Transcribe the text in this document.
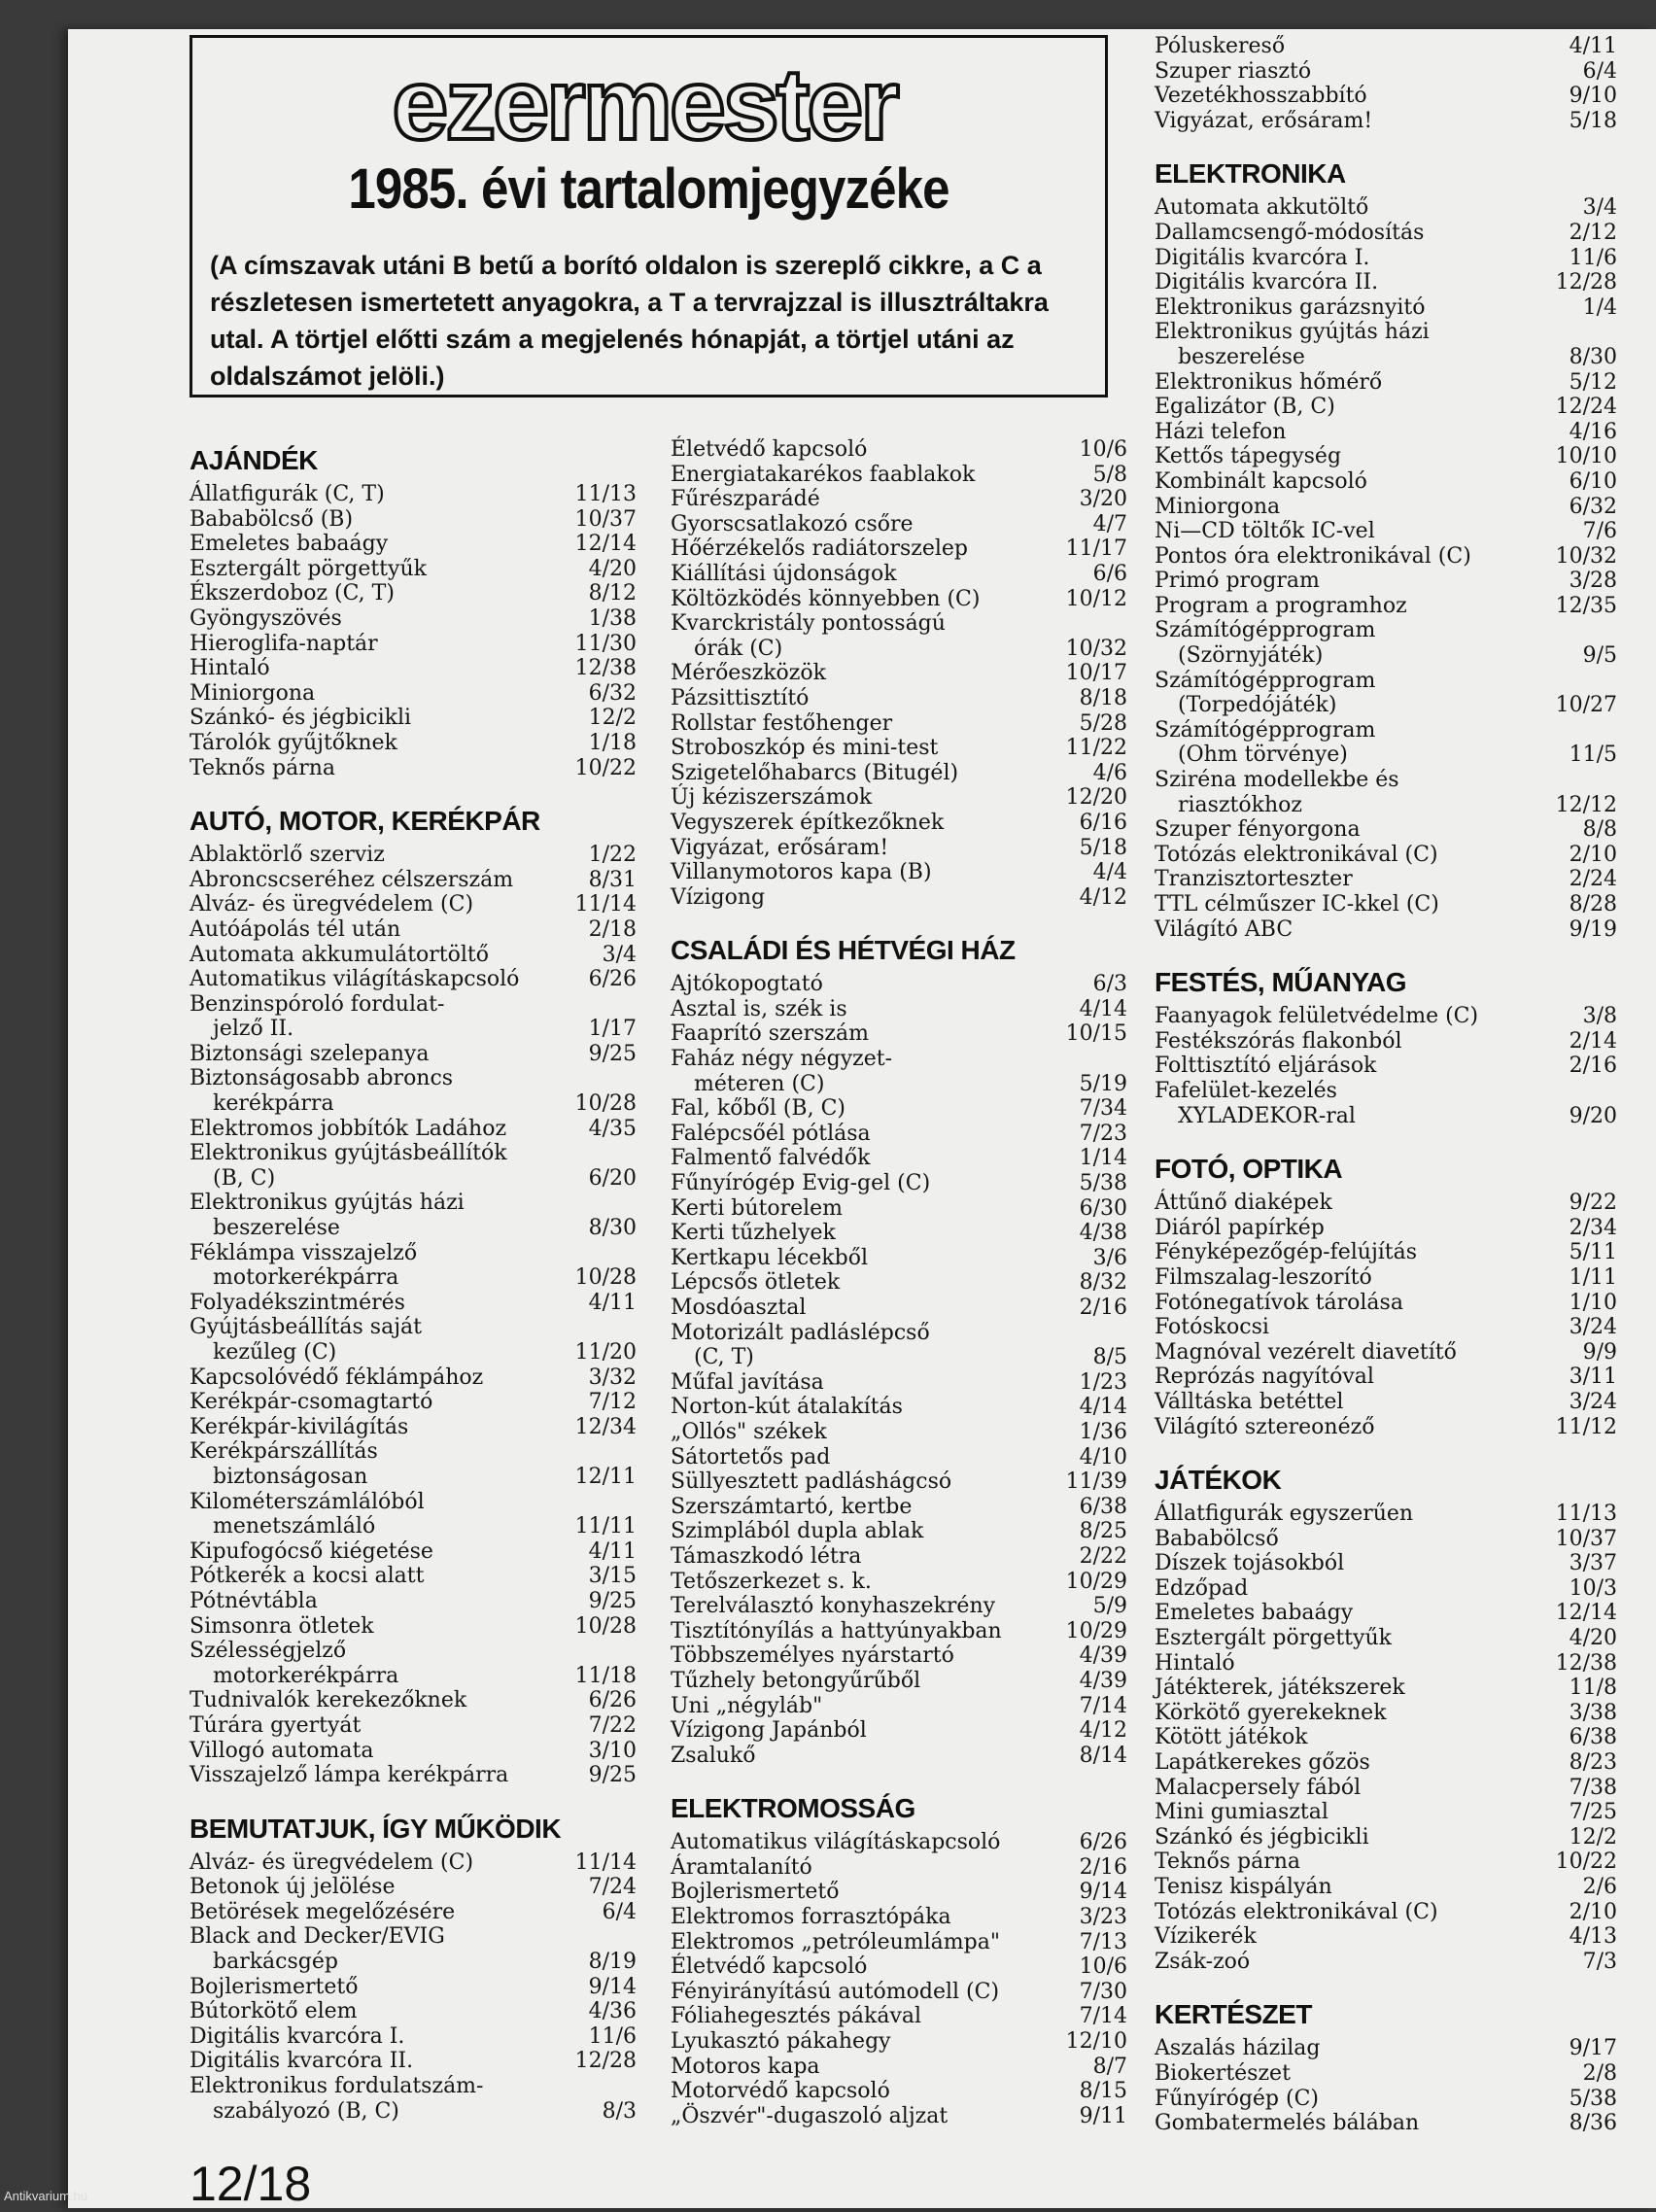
ezermester
1985. évi tartalomjegyzéke
(A címszavak utáni B betű a borító oldalon is szereplő cikkre, a C a részletesen ismertetett anyagokra, a T a tervrajzzal is illusztráltakra utal. A törtjel előtti szám a megjelenés hónapját, a törtjel utáni az oldalszámot jelöli.)
AJÁNDÉK
Állatfigurák (C, T)	11/13
Bababölcső (B)	10/37
Emeletes babaágy	12/14
Esztergált pörgettyűk	4/20
Ékszerdoboz (C, T)	8/12
Gyöngyszövés	1/38
Hieroglifa-naptár	11/30
Hintaló	12/38
Miniorgona	6/32
Szánkó- és jégbicikli	12/2
Tárolók gyűjtőknek	1/18
Teknős párna	10/22
AUTÓ, MOTOR, KERÉKPÁR
Ablaktörlő szerviz	1/22
Abroncscseréhez célszerszám	8/31
Alváz- és üregvédelem (C)	11/14
Autóápolás tél után	2/18
Automata akkumulátortöltő	3/4
Automatikus világításkapcsoló	6/26
Benzinspóroló fordulat-
jelző II.	1/17
Biztonsági szelepanya	9/25
Biztonságosabb abroncs
kerékpárra	10/28
Elektromos jobbítók Ladához	4/35
Elektronikus gyújtásbeállítók
(B, C)	6/20
Elektronikus gyújtás házi
beszerelése	8/30
Féklámpa visszajelző
motorkerékpárra	10/28
Folyadékszintmérés	4/11
Gyújtásbeállítás saját
kezűleg (C)	11/20
Kapcsolóvédő féklámpához	3/32
Kerékpár-csomagtartó	7/12
Kerékpár-kivilágítás	12/34
Kerékpárszállítás
biztonságosan	12/11
Kilométerszámlálóból
menetszámláló	11/11
Kipufogócső kiégetése	4/11
Pótkerék a kocsi alatt	3/15
Pótnévtábla	9/25
Simsonra ötletek	10/28
Szélességjelző
motorkerékpárra	11/18
Tudnivalók kerekezőknek	6/26
Túrára gyertyát	7/22
Villogó automata	3/10
Visszajelző lámpa kerékpárra	9/25
BEMUTATJUK, ÍGY MŰKÖDIK
Alváz- és üregvédelem (C)	11/14
Betonok új jelölése	7/24
Betörések megelőzésére	6/4
Black and Decker/EVIG
barkácsgép	8/19
Bojlerismertető	9/14
Bútorkötő elem	4/36
Digitális kvarcóra I.	11/6
Digitális kvarcóra II.	12/28
Elektronikus fordulatszám-
szabályozó (B, C)	8/3
Életvédő kapcsoló	10/6
Energiatakarékos faablakok	5/8
Fűrészparádé	3/20
Gyorscsatlakozó csőre	4/7
Hőérzékelős radiátorszelep	11/17
Kiállítási újdonságok	6/6
Költözködés könnyebben (C)	10/12
Kvarckristály pontosságú
órák (C)	10/32
Mérőeszközök	10/17
Pázsittisztító	8/18
Rollstar festőhenger	5/28
Stroboszkóp és mini-test	11/22
Szigetelőhabarcs (Bitugél)	4/6
Új kéziszerszámok	12/20
Vegyszerek építkezőknek	6/16
Vigyázat, erősáram!	5/18
Villanymotoros kapa (B)	4/4
Vízigong	4/12
CSALÁDI ÉS HÉTVÉGI HÁZ
Ajtókopogtató	6/3
Asztal is, szék is	4/14
Faaprító szerszám	10/15
Faház négy négyzet-
méteren (C)	5/19
Fal, kőből (B, C)	7/34
Falépcsőél pótlása	7/23
Falmentő falvédők	1/14
Fűnyírógép Evig-gel (C)	5/38
Kerti bútorelem	6/30
Kerti tűzhelyek	4/38
Kertkapu lécekből	3/6
Lépcsős ötletek	8/32
Mosdóasztal	2/16
Motorizált padláslépcső
(C, T)	8/5
Műfal javítása	1/23
Norton-kút átalakítás	4/14
„Ollós" székek	1/36
Sátortetős pad	4/10
Süllyesztett padláshágcsó	11/39
Szerszámtartó, kertbe	6/38
Szimplából dupla ablak	8/25
Támaszkodó létra	2/22
Tetőszerkezet s. k.	10/29
Terelválasztó konyhaszekrény	5/9
Tisztítónyílás a hattyúnyakban	10/29
Többszemélyes nyárstartó	4/39
Tűzhely betongyűrűből	4/39
Uni „négyláb"	7/14
Vízigong Japánból	4/12
Zsalukő	8/14
ELEKTROMOSSÁG
Automatikus világításkapcsoló	6/26
Áramtalanító	2/16
Bojlerismertető	9/14
Elektromos forrasztópáka	3/23
Elektromos „petróleumlámpa"	7/13
Életvédő kapcsoló	10/6
Fényirányítású autómodell (C)	7/30
Fóliahegesztés pákával	7/14
Lyukasztó pákahegy	12/10
Motoros kapa	8/7
Motorvédő kapcsoló	8/15
„Öszvér"-dugaszoló aljzat	9/11
Póluskereső	4/11
Szuper riasztó	6/4
Vezetékhosszabbító	9/10
Vigyázat, erősáram!	5/18
ELEKTRONIKA
Automata akkutöltő	3/4
Dallamcsengő-módosítás	2/12
Digitális kvarcóra I.	11/6
Digitális kvarcóra II.	12/28
Elektronikus garázsnyitó	1/4
Elektronikus gyújtás házi
beszerelése	8/30
Elektronikus hőmérő	5/12
Egalizátor (B, C)	12/24
Házi telefon	4/16
Kettős tápegység	10/10
Kombinált kapcsoló	6/10
Miniorgona	6/32
Ni—CD töltők IC-vel	7/6
Pontos óra elektronikával (C)	10/32
Primó program	3/28
Program a programhoz	12/35
Számítógépprogram
(Szörnyjáték)	9/5
Számítógépprogram
(Torpedójáték)	10/27
Számítógépprogram
(Ohm törvénye)	11/5
Sziréna modellekbe és
riasztókhoz	12/12
Szuper fényorgona	8/8
Totózás elektronikával (C)	2/10
Tranzisztorteszter	2/24
TTL célműszer IC-kkel (C)	8/28
Világító ABC	9/19
FESTÉS, MŰANYAG
Faanyagok felületvédelme (C)	3/8
Festékszórás flakonból	2/14
Folttisztító eljárások	2/16
Fafelület-kezelés
XYLADEKOR-ral	9/20
FOTÓ, OPTIKA
Áttűnő diaképek	9/22
Diáról papírkép	2/34
Fényképezőgép-felújítás	5/11
Filmszalag-leszorító	1/11
Fotónegatívok tárolása	1/10
Fotóskocsi	3/24
Magnóval vezérelt diavetítő	9/9
Reprózás nagyítóval	3/11
Válltáska betéttel	3/24
Világító sztereonéző	11/12
JÁTÉKOK
Állatfigurák egyszerűen	11/13
Bababölcső	10/37
Díszek tojásokból	3/37
Edzőpad	10/3
Emeletes babaágy	12/14
Esztergált pörgettyűk	4/20
Hintaló	12/38
Játékterek, játékszerek	11/8
Körkötő gyerekeknek	3/38
Kötött játékok	6/38
Lapátkerekes gőzös	8/23
Malacpersely fából	7/38
Mini gumiasztal	7/25
Szánkó és jégbicikli	12/2
Teknős párna	10/22
Tenisz kispályán	2/6
Totózás elektronikával (C)	2/10
Vízikerék	4/13
Zsák-zoó	7/3
KERTÉSZET
Aszalás házilag	9/17
Biokertészet	2/8
Fűnyírógép (C)	5/38
Gombatermelés bálában	8/36
12/18
Antikvarium.hu
